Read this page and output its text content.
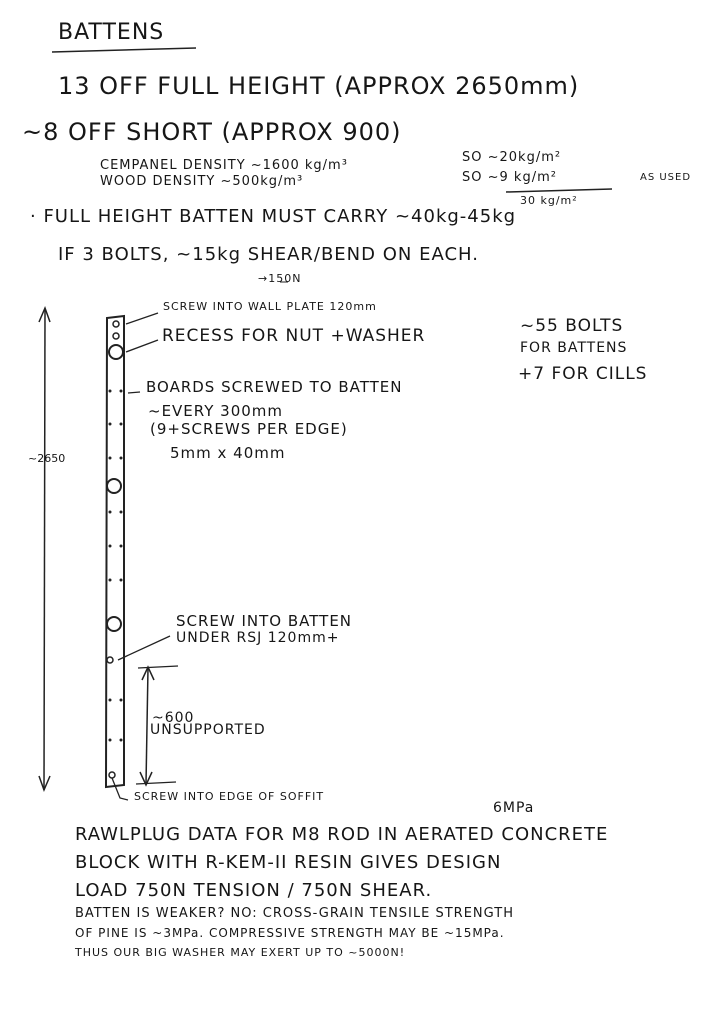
BATTENS
13 OFF FULL HEIGHT (APPROX 2650mm)
~8 OFF SHORT (APPROX 900)
CEMPANEL DENSITY ~1600 kg/m³
WOOD DENSITY ~500kg/m³
SO ~20kg/m²
SO ~9 kg/m²	AS USED
30 kg/m²
· FULL HEIGHT BATTEN MUST CARRY ~40kg-45kg
IF 3 BOLTS, ~15kg SHEAR/BEND ON EACH.
→150N
~2650
SCREW INTO WALL PLATE 120mm
RECESS FOR NUT +WASHER
BOARDS SCREWED TO BATTEN
~EVERY 300mm
(9+SCREWS PER EDGE)
5mm x 40mm
~55 BOLTS
FOR BATTENS
+7 FOR CILLS
SCREW INTO BATTEN
UNDER RSJ 120mm+
~600
UNSUPPORTED
SCREW INTO EDGE OF SOFFIT
6MPa
RAWLPLUG DATA FOR M8 ROD IN AERATED CONCRETE
BLOCK WITH R-KEM-II RESIN GIVES DESIGN
LOAD 750N TENSION / 750N SHEAR.
BATTEN IS WEAKER? NO: CROSS-GRAIN TENSILE STRENGTH
OF PINE IS ~3MPa. COMPRESSIVE STRENGTH MAY BE ~15MPa.
THUS OUR BIG WASHER MAY EXERT UP TO ~5000N!
